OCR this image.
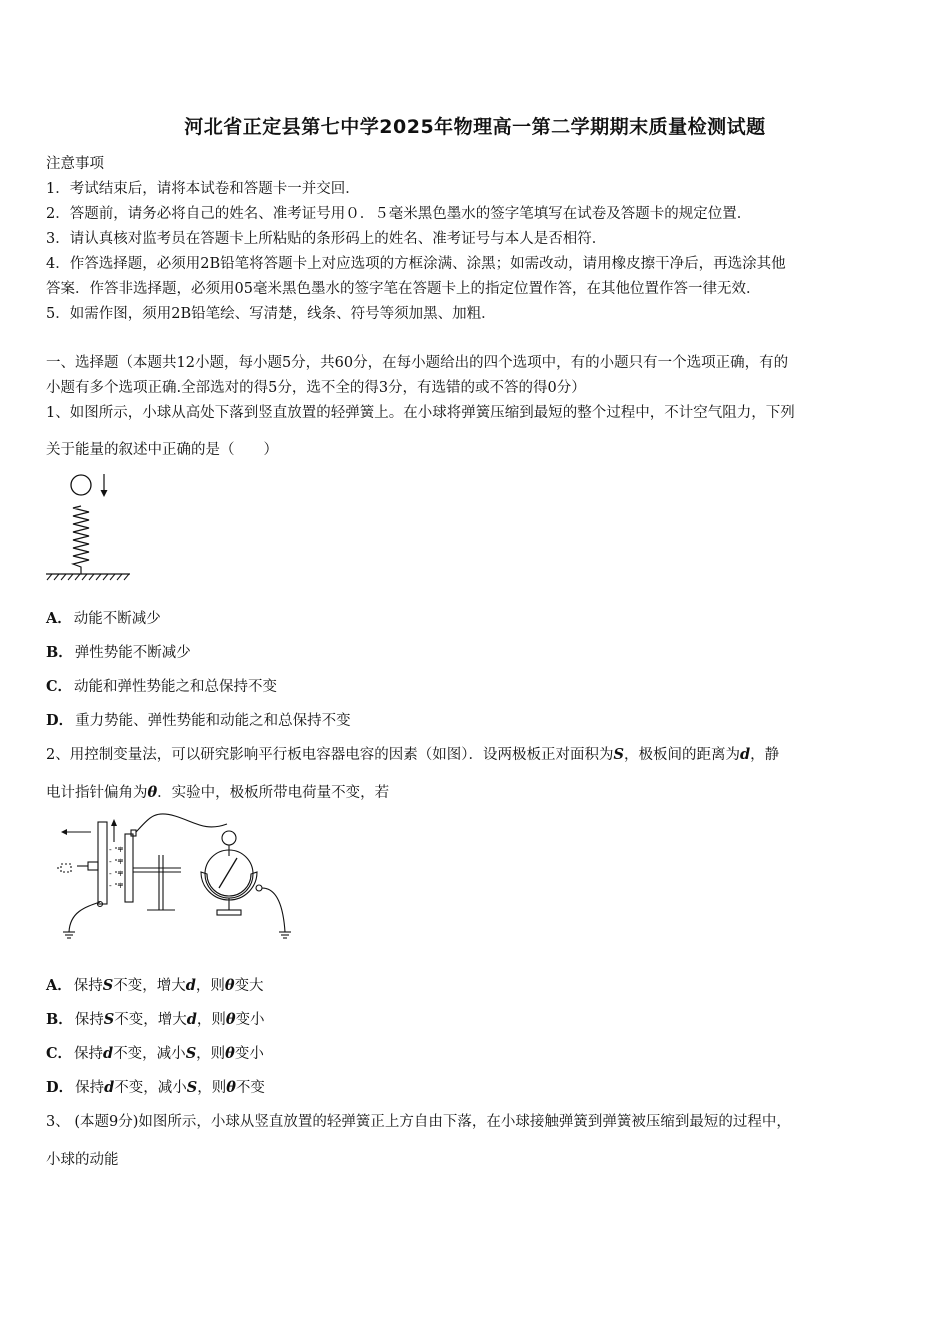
河北省正定县第七中学2025年物理高一第二学期期末质量检测试题
注意事项
1．考试结束后，请将本试卷和答题卡一并交回．
2．答题前，请务必将自己的姓名、准考证号用０．５毫米黑色墨水的签字笔填写在试卷及答题卡的规定位置．
3．请认真核对监考员在答题卡上所粘贴的条形码上的姓名、准考证号与本人是否相符．
4．作答选择题，必须用2B铅笔将答题卡上对应选项的方框涂满、涂黑；如需改动，请用橡皮擦干净后，再选涂其他
答案．作答非选择题，必须用05毫米黑色墨水的签字笔在答题卡上的指定位置作答，在其他位置作答一律无效．
5．如需作图，须用2B铅笔绘、写清楚，线条、符号等须加黑、加粗．
一、选择题（本题共12小题，每小题5分，共60分，在每小题给出的四个选项中，有的小题只有一个选项正确，有的
小题有多个选项正确.全部选对的得5分，选不全的得3分，有选错的或不答的得0分）
1、如图所示，小球从高处下落到竖直放置的轻弹簧上。在小球将弹簧压缩到最短的整个过程中，不计空气阻力，下列
关于能量的叙述中正确的是（　　）
A． 动能不断减少
B． 弹性势能不断减少
C． 动能和弹性势能之和总保持不变
D． 重力势能、弹性势能和动能之和总保持不变
2、用控制变量法，可以研究影响平行板电容器电容的因素（如图）．设两极板正对面积为S，极板间的距离为d，静
电计指针偏角为θ．实验中，极板所带电荷量不变，若
-
-
-
-
+
+
+
+
A． 保持S不变，增大d，则θ变大
B． 保持S不变，增大d，则θ变小
C． 保持d不变，减小S，则θ变小
D． 保持d不变，减小S，则θ不变
3、 (本题9分)如图所示，小球从竖直放置的轻弹簧正上方自由下落，在小球接触弹簧到弹簧被压缩到最短的过程中，
小球的动能
